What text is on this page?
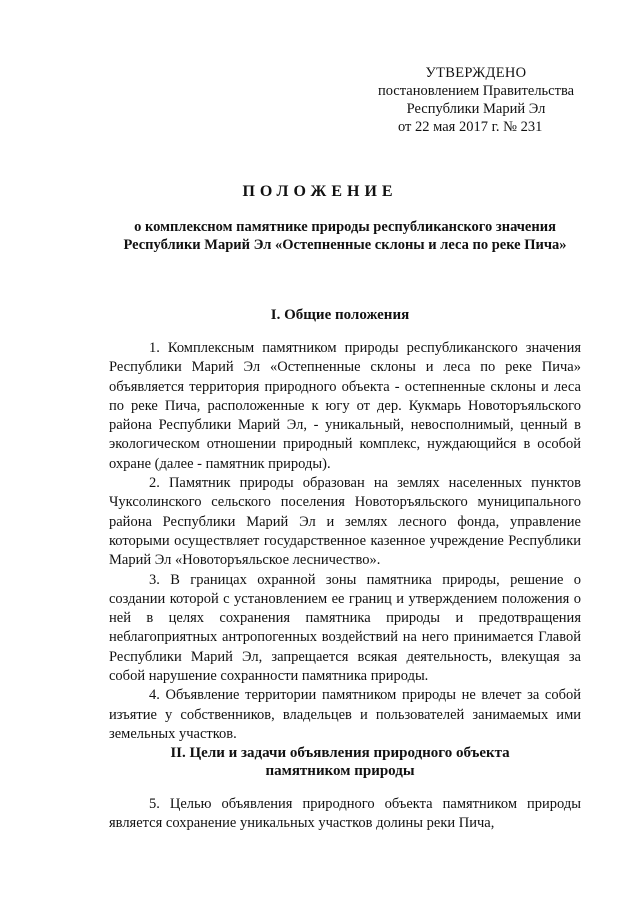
УТВЕРЖДЕНО
постановлением Правительства
Республики Марий Эл
от 22 мая 2017 г. № 231
ПОЛОЖЕНИЕ
о комплексном памятнике природы республиканского значения
Республики Марий Эл «Остепненные склоны и леса по реке Пича»
I. Общие положения

1. Комплексным памятником природы республиканского значения Республики Марий Эл «Остепненные склоны и леса по реке Пича» объявляется территория природного объекта - остепненные склоны и леса по реке Пича, расположенные к югу от дер. Кукмарь Новоторъяльского района Республики Марий Эл, - уникальный, невосполнимый, ценный в экологическом отношении природный комплекс, нуждающийся в особой охране (далее - памятник природы).

2. Памятник природы образован на землях населенных пунктов Чуксолинского сельского поселения Новоторъяльского муниципального района Республики Марий Эл и землях лесного фонда, управление которыми осуществляет государственное казенное учреждение Республики Марий Эл «Новоторъяльское лесничество».

3. В границах охранной зоны памятника природы, решение о создании которой с установлением ее границ и утверждением положения о ней в целях сохранения памятника природы и предотвращения неблагоприятных антропогенных воздействий на него принимается Главой Республики Марий Эл, запрещается всякая деятельность, влекущая за собой нарушение сохранности памятника природы.

4. Объявление территории памятником природы не влечет за собой изъятие у собственников, владельцев и пользователей занимаемых ими земельных участков.

II. Цели и задачи объявления природного объекта
памятником природы

5. Целью объявления природного объекта памятником природы является сохранение уникальных участков долины реки Пича,
